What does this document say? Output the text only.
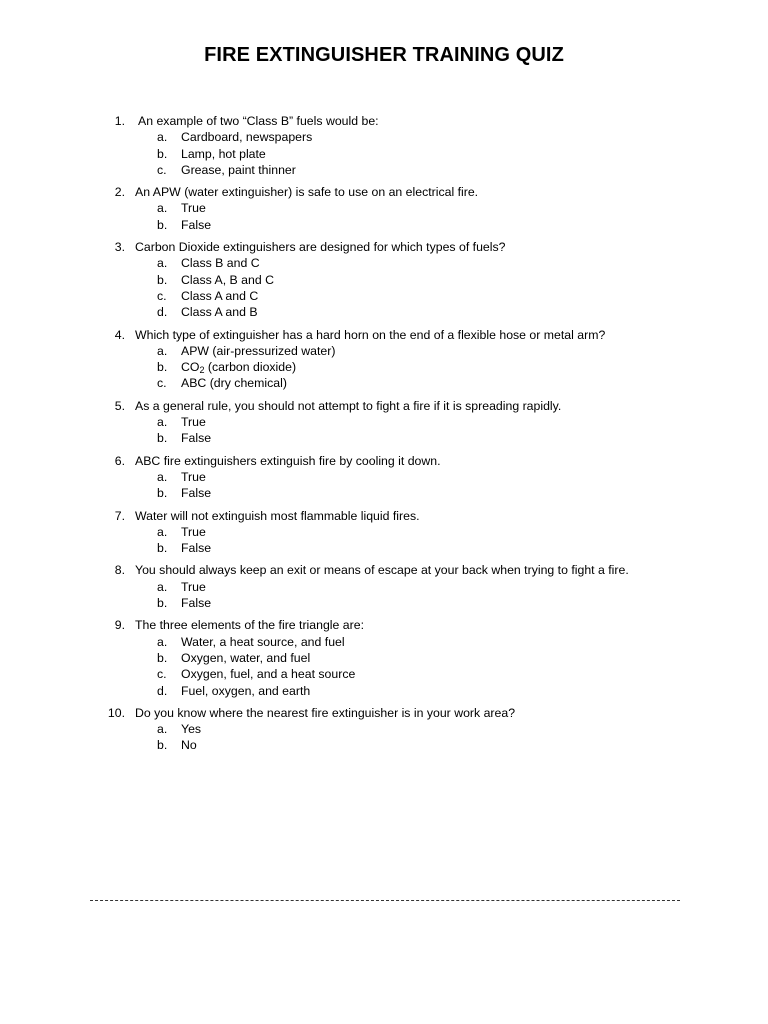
FIRE EXTINGUISHER TRAINING QUIZ
1. An example of two “Class B” fuels would be:
a. Cardboard, newspapers
b. Lamp, hot plate
c. Grease, paint thinner
2. An APW (water extinguisher) is safe to use on an electrical fire.
a. True
b. False
3. Carbon Dioxide extinguishers are designed for which types of fuels?
a. Class B and C
b. Class A, B and C
c. Class A and C
d. Class A and B
4. Which type of extinguisher has a hard horn on the end of a flexible hose or metal arm?
a. APW (air-pressurized water)
b. CO2 (carbon dioxide)
c. ABC (dry chemical)
5. As a general rule, you should not attempt to fight a fire if it is spreading rapidly.
a. True
b. False
6. ABC fire extinguishers extinguish fire by cooling it down.
a. True
b. False
7. Water will not extinguish most flammable liquid fires.
a. True
b. False
8. You should always keep an exit or means of escape at your back when trying to fight a fire.
a. True
b. False
9. The three elements of the fire triangle are:
a. Water, a heat source, and fuel
b. Oxygen, water, and fuel
c. Oxygen, fuel, and a heat source
d. Fuel, oxygen, and earth
10. Do you know where the nearest fire extinguisher is in your work area?
a. Yes
b. No
